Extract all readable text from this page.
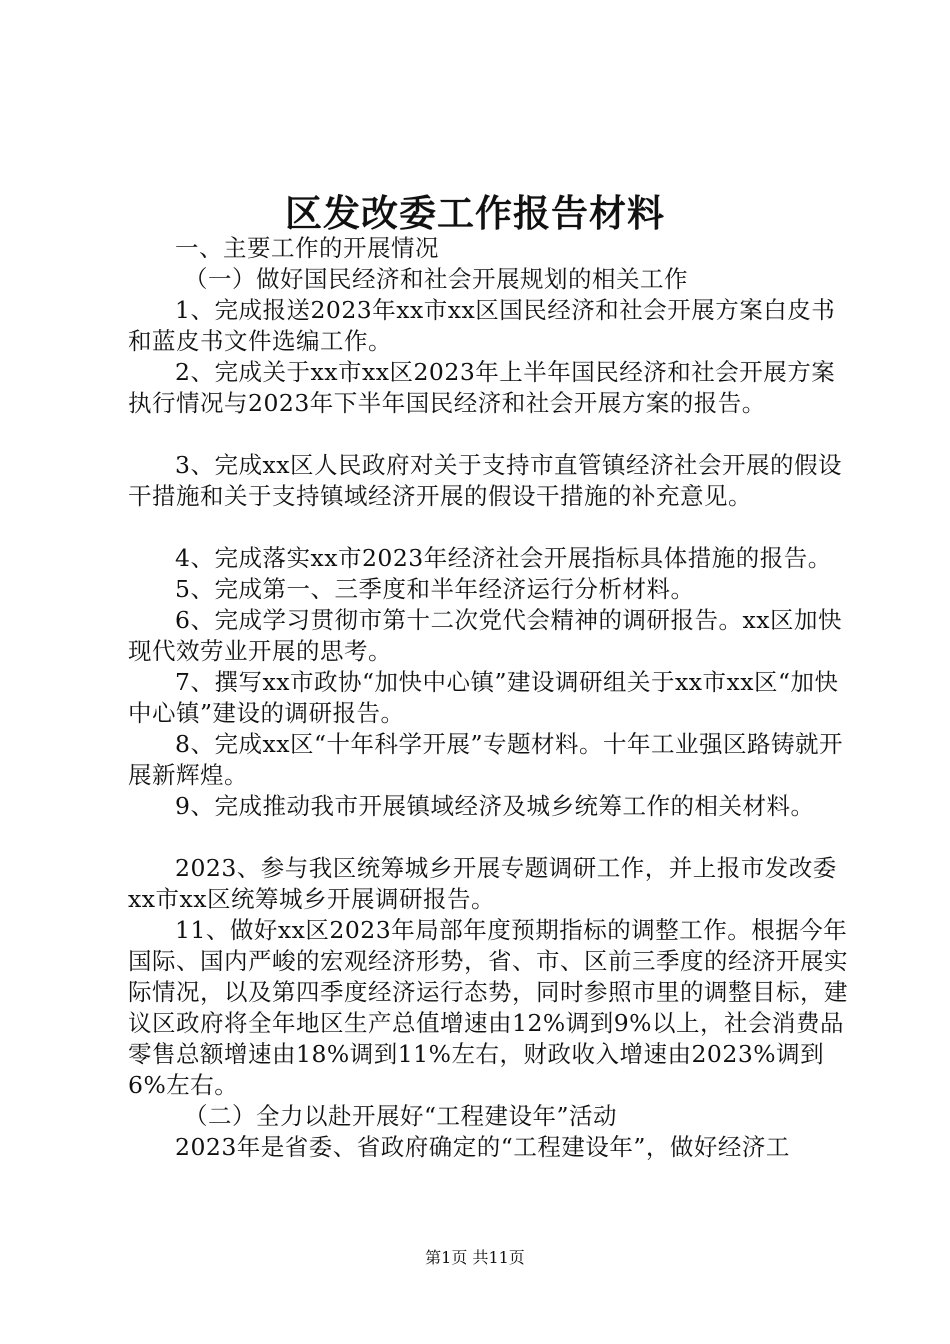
区发改委工作报告材料

一、主要工作的开展情况

（一）做好国民经济和社会开展规划的相关工作

1、完成报送2023年xx市xx区国民经济和社会开展方案白皮书和蓝皮书文件选编工作。

2、完成关于xx市xx区2023年上半年国民经济和社会开展方案执行情况与2023年下半年国民经济和社会开展方案的报告。

3、完成xx区人民政府对关于支持市直管镇经济社会开展的假设干措施和关于支持镇域经济开展的假设干措施的补充意见。

4、完成落实xx市2023年经济社会开展指标具体措施的报告。

5、完成第一、三季度和半年经济运行分析材料。

6、完成学习贯彻市第十二次党代会精神的调研报告。xx区加快现代效劳业开展的思考。

7、撰写xx市政协“加快中心镇”建设调研组关于xx市xx区“加快中心镇”建设的调研报告。

8、完成xx区“十年科学开展”专题材料。十年工业强区路铸就开展新辉煌。

9、完成推动我市开展镇域经济及城乡统筹工作的相关材料。

2023、参与我区统筹城乡开展专题调研工作，并上报市发改委xx市xx区统筹城乡开展调研报告。

11、做好xx区2023年局部年度预期指标的调整工作。根据今年国际、国内严峻的宏观经济形势，省、市、区前三季度的经济开展实际情况，以及第四季度经济运行态势，同时参照市里的调整目标，建议区政府将全年地区生产总值增速由12%调到9%以上，社会消费品零售总额增速由18%调到11%左右，财政收入增速由2023%调到6%左右。

（二）全力以赴开展好“工程建设年”活动

2023年是省委、省政府确定的“工程建设年”，做好经济工

第1页 共11页
